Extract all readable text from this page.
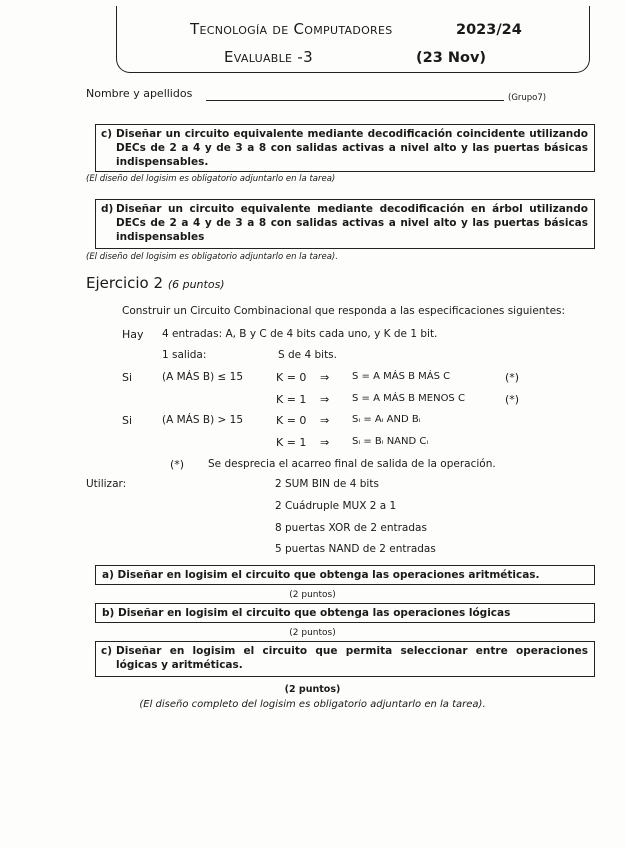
Tecnología de Computadores	2023/24
Evaluable -3	(23 Nov)
Nombre y apellidos	(Grupo7)
c) Diseñar un circuito equivalente mediante decodificación coincidente utilizando DECs de 2 a 4 y de 3 a 8 con salidas activas a nivel alto y las puertas básicas indispensables.
(El diseño del logisim es obligatorio adjuntarlo en la tarea)
d) Diseñar un circuito equivalente mediante decodificación en árbol utilizando DECs de 2 a 4 y de 3 a 8 con salidas activas a nivel alto y las puertas básicas indispensables
(El diseño del logisim es obligatorio adjuntarlo en la tarea).
Ejercicio 2 (6 puntos)
Construir un Circuito Combinacional que responda a las especificaciones siguientes:
Hay 4 entradas: A, B y C de 4 bits cada uno, y K de 1 bit.
1 salida:	S de 4 bits.
Si	(A MÁS B) ≤ 15	K = 0 ⇒ S = A MÁS B MÁS C	(*)
K = 1 ⇒ S = A MÁS B MENOS C	(*)
Si	(A MÁS B) > 15	K = 0 ⇒ Sᵢ = Aᵢ AND Bᵢ
K = 1 ⇒ Sᵢ = Bᵢ NAND Cᵢ
(*) Se desprecia el acarreo final de salida de la operación.
Utilizar:	2 SUM BIN de 4 bits
2 Cuádruple MUX 2 a 1
8 puertas XOR de 2 entradas
5 puertas NAND de 2 entradas
a) Diseñar en logisim el circuito que obtenga las operaciones aritméticas.
(2 puntos)
b) Diseñar en logisim el circuito que obtenga las operaciones lógicas
(2 puntos)
c) Diseñar en logisim el circuito que permita seleccionar entre operaciones lógicas y aritméticas.
(2 puntos)
(El diseño completo del logisim es obligatorio adjuntarlo en la tarea).
